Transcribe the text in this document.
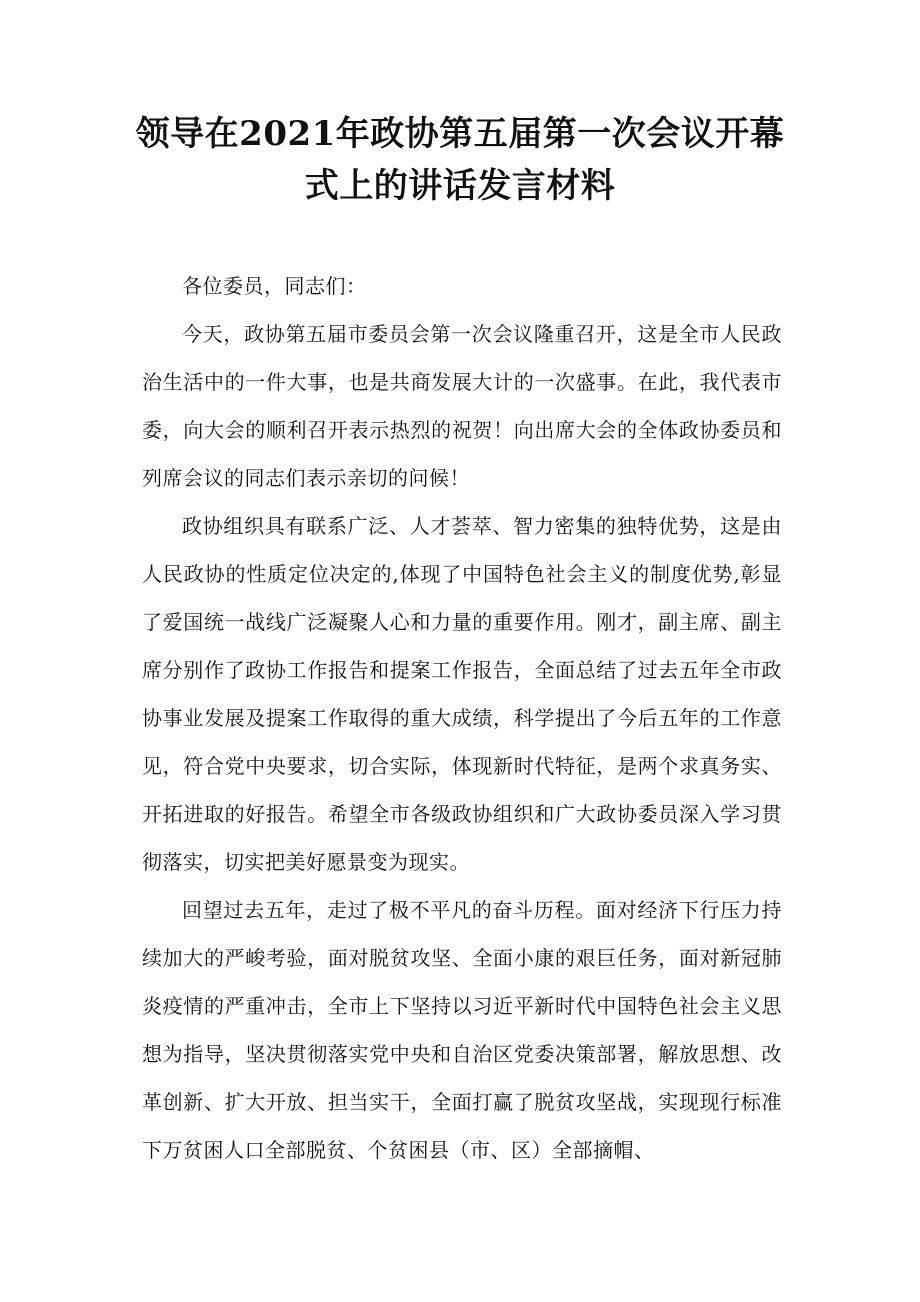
领导在2021年政协第五届第一次会议开幕
式上的讲话发言材料

各位委员，同志们：

今天，政协第五届市委员会第一次会议隆重召开，这是全市人民政治生活中的一件大事，也是共商发展大计的一次盛事。在此，我代表市委，向大会的顺利召开表示热烈的祝贺！向出席大会的全体政协委员和列席会议的同志们表示亲切的问候！

政协组织具有联系广泛、人才荟萃、智力密集的独特优势，这是由人民政协的性质定位决定的,体现了中国特色社会主义的制度优势,彰显了爱国统一战线广泛凝聚人心和力量的重要作用。刚才，副主席、副主席分别作了政协工作报告和提案工作报告，全面总结了过去五年全市政协事业发展及提案工作取得的重大成绩，科学提出了今后五年的工作意见，符合党中央要求，切合实际，体现新时代特征，是两个求真务实、开拓进取的好报告。希望全市各级政协组织和广大政协委员深入学习贯彻落实，切实把美好愿景变为现实。

回望过去五年，走过了极不平凡的奋斗历程。面对经济下行压力持续加大的严峻考验，面对脱贫攻坚、全面小康的艰巨任务，面对新冠肺炎疫情的严重冲击，全市上下坚持以习近平新时代中国特色社会主义思想为指导，坚决贯彻落实党中央和自治区党委决策部署，解放思想、改革创新、扩大开放、担当实干，全面打赢了脱贫攻坚战，实现现行标准下万贫困人口全部脱贫、个贫困县（市、区）全部摘帽、
